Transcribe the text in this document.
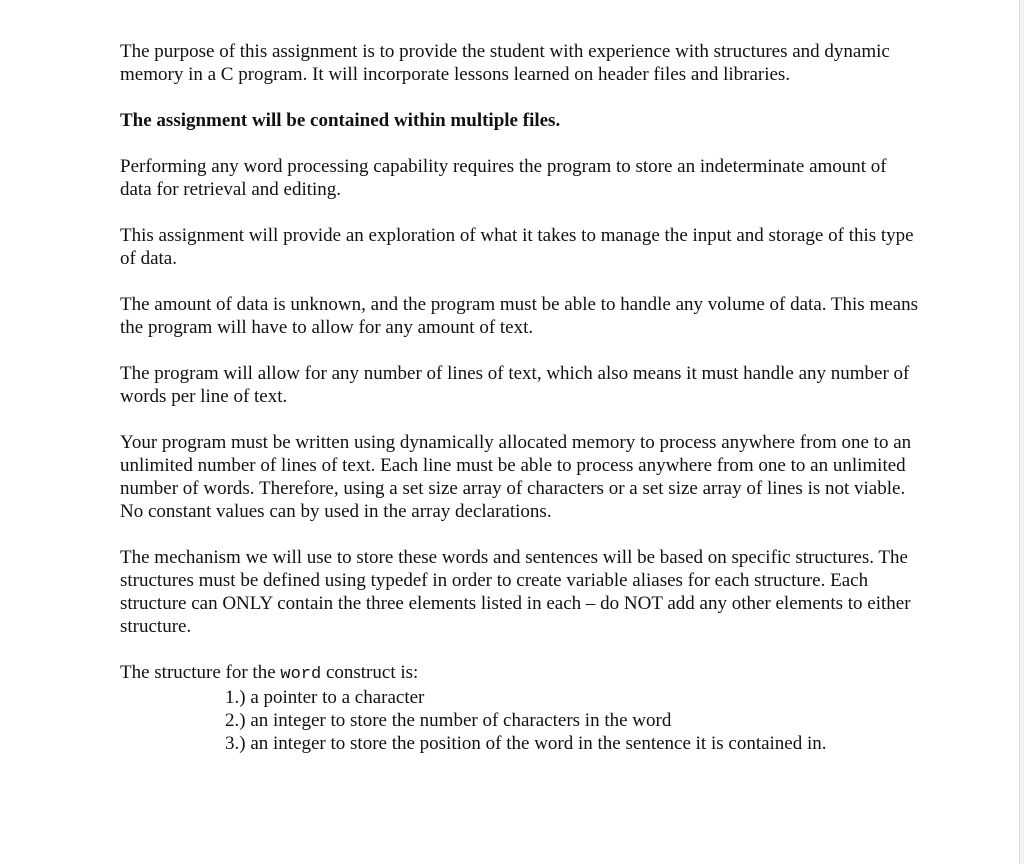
The purpose of this assignment is to provide the student with experience with structures and dynamic memory in a C program. It will incorporate lessons learned on header files and libraries.

The assignment will be contained within multiple files.

Performing any word processing capability requires the program to store an indeterminate amount of data for retrieval and editing.

This assignment will provide an exploration of what it takes to manage the input and storage of this type of data.

The amount of data is unknown, and the program must be able to handle any volume of data. This means the program will have to allow for any amount of text.

The program will allow for any number of lines of text, which also means it must handle any number of words per line of text.

Your program must be written using dynamically allocated memory to process anywhere from one to an unlimited number of lines of text. Each line must be able to process anywhere from one to an unlimited number of words. Therefore, using a set size array of characters or a set size array of lines is not viable. No constant values can by used in the array declarations.

The mechanism we will use to store these words and sentences will be based on specific structures. The structures must be defined using typedef in order to create variable aliases for each structure. Each structure can ONLY contain the three elements listed in each – do NOT add any other elements to either structure.

The structure for the word construct is:
1.) a pointer to a character
2.) an integer to store the number of characters in the word
3.) an integer to store the position of the word in the sentence it is contained in.
